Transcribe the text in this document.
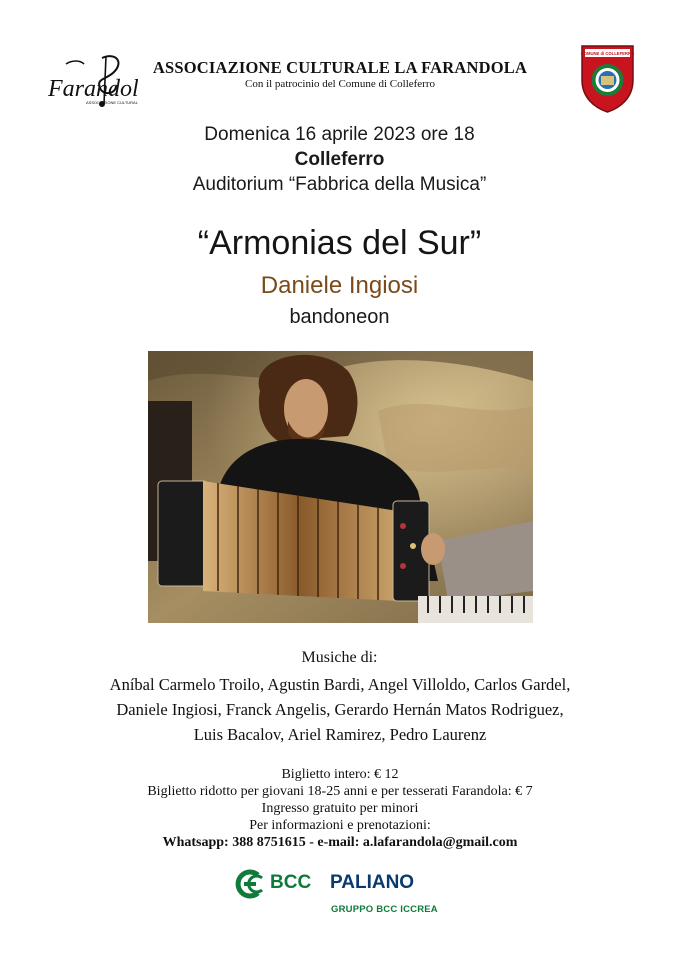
Farando
ASSOCIAZIONE CULTURALE
ASSOCIAZIONE CULTURALE LA FARANDOLA
Con il patrocinio del Comune di Colleferro
COMUNE di COLLEFERRO
Domenica 16 aprile 2023 ore 18
Colleferro
Auditorium “Fabbrica della Musica”
“Armonias del Sur”
Daniele Ingiosi
bandoneon
Musiche di:
Aníbal Carmelo Troilo, Agustin Bardi, Angel Villoldo, Carlos Gardel,
Daniele Ingiosi, Franck Angelis, Gerardo Hernán Matos Rodriguez,
Luis Bacalov, Ariel Ramirez, Pedro Laurenz
Biglietto intero: € 12
Biglietto ridotto per giovani 18-25 anni e per tesserati Farandola: € 7
Ingresso gratuito per minori
Per informazioni e prenotazioni:
Whatsapp: 388 8751615 - e-mail: a.lafarandola@gmail.com
BCC PALIANO
GRUPPO BCC ICCREA
